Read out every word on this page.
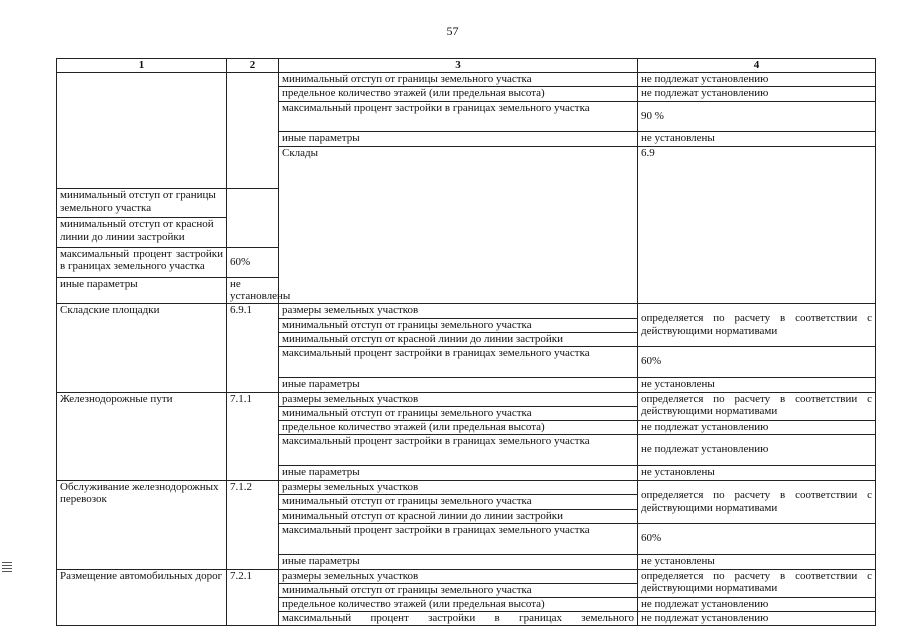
57
1	2	3	4	
		минимальный отступ от границы земельного участка	не подлежат установлению	
		предельное количество этажей (или предельная высота)	не подлежат установлению	
		максимальный процент застройки в границах земельного участка	90 %	
		иные параметры	не установлены	
		Склады	6.9		
минимальный отступ от границы земельного участка				
минимальный отступ от красной линии до линии застройки				
максимальный процент застройки в границах земельного участка	60%			
иные параметры	не установлены			
Складские площадки	6.9.1	размеры земельных участков	определяется по расчету в соответствии с действующими нормативами	
		минимальный отступ от границы земельного участка		
		минимальный отступ от красной линии до линии застройки		
		максимальный процент застройки в границах земельного участка	60%	
		иные параметры	не установлены	
Железнодорожные пути	7.1.1	размеры земельных участков	определяется по расчету в соответствии с действующими нормативами	
		минимальный отступ от границы земельного участка		
		предельное количество этажей (или предельная высота)	не подлежат установлению	
		максимальный процент застройки в границах земельного участка	не подлежат установлению	
		иные параметры	не установлены	
Обслуживание железнодорожных перевозок	7.1.2	размеры земельных участков	определяется по расчету в соответствии с действующими нормативами	
		минимальный отступ от границы земельного участка		
		минимальный отступ от красной линии до линии застройки		
		максимальный процент застройки в границах земельного участка	60%	
		иные параметры	не установлены	
Размещение автомобильных дорог	7.2.1	размеры земельных участков	определяется по расчету в соответствии с действующими нормативами	
		минимальный отступ от границы земельного участка		
		предельное количество этажей (или предельная высота)	не подлежат установлению	
		максимальный процент застройки в границах земельного	не подлежат установлению	
